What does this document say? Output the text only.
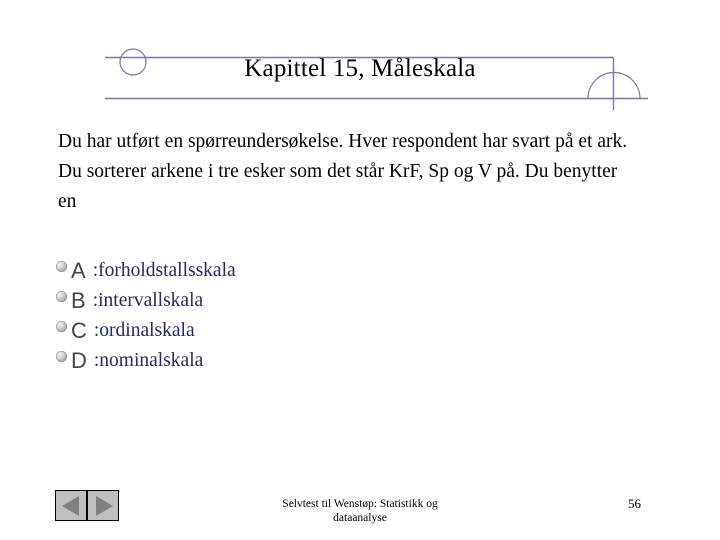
Kapittel 15, Måleskala
Du har utført en spørreundersøkelse. Hver respondent har svart på et ark. Du sorterer arkene i tre esker som det står KrF, Sp og V på. Du benytter en
A :forholdstallsskala
B :intervallskala
C :ordinalskala
D :nominalskala
Selvtest til Wenstøp: Statistikk og
dataanalyse
56
